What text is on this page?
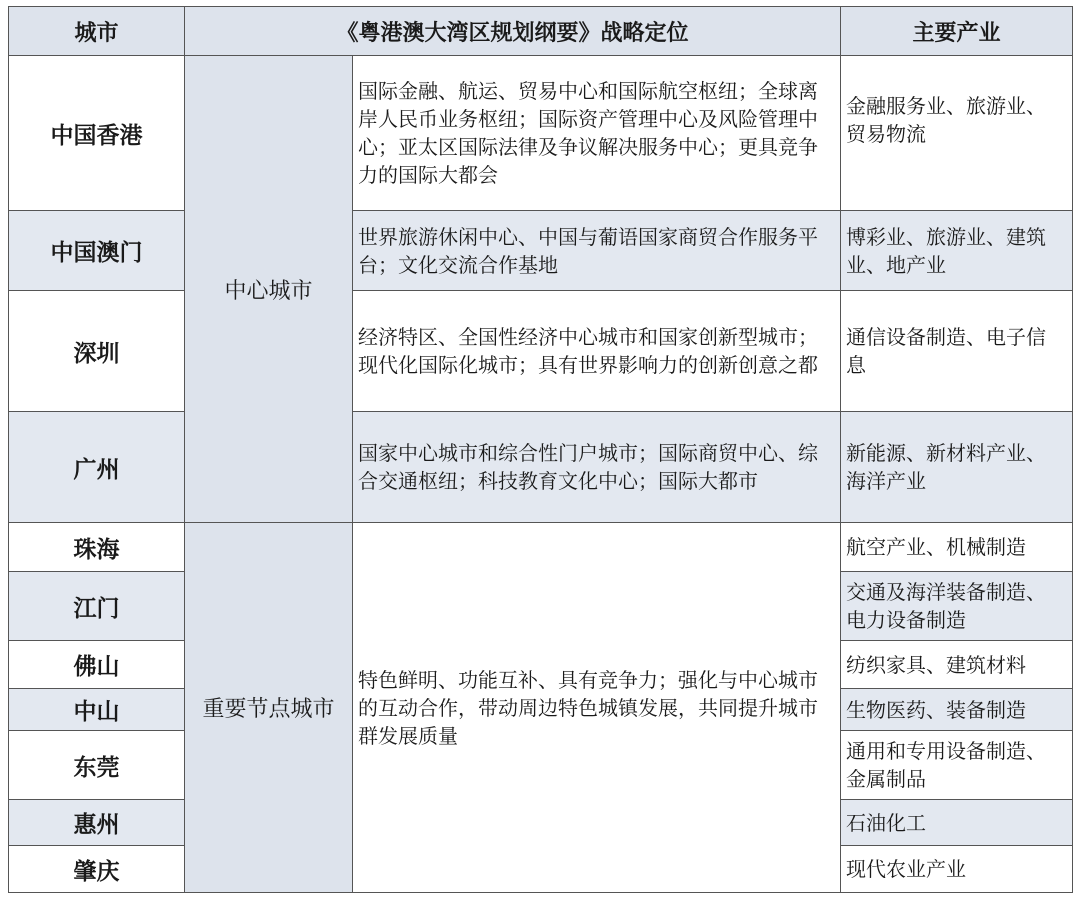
城市	《粤港澳大湾区规划纲要》战略定位		主要产业
中国香港	中心城市	国际金融、航运、贸易中心和国际航空枢纽；全球离岸人民币业务枢纽；国际资产管理中心及风险管理中心；亚太区国际法律及争议解决服务中心；更具竞争力的国际大都会	金融服务业、旅游业、贸易物流
中国澳门		世界旅游休闲中心、中国与葡语国家商贸合作服务平台；文化交流合作基地	博彩业、旅游业、建筑业、地产业
深圳		经济特区、全国性经济中心城市和国家创新型城市；现代化国际化城市；具有世界影响力的创新创意之都	通信设备制造、电子信息
广州		国家中心城市和综合性门户城市；国际商贸中心、综合交通枢纽；科技教育文化中心；国际大都市	新能源、新材料产业、海洋产业
珠海	重要节点城市	特色鲜明、功能互补、具有竞争力；强化与中心城市的互动合作，带动周边特色城镇发展，共同提升城市群发展质量	航空产业、机械制造
江门			交通及海洋装备制造、电力设备制造
佛山			纺织家具、建筑材料
中山			生物医药、装备制造
东莞			通用和专用设备制造、金属制品
惠州			石油化工
肇庆			现代农业产业
